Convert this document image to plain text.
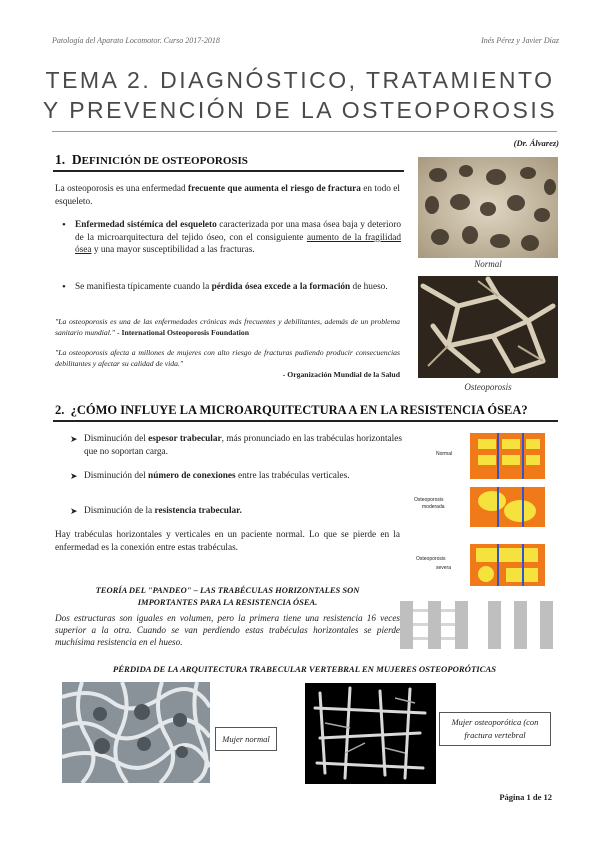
Patología del Aparato Locomotor. Curso 2017-2018	Inés Pérez y Javier Díaz
TEMA 2. DIAGNÓSTICO, TRATAMIENTO
Y PREVENCIÓN DE LA OSTEOPOROSIS
(Dr. Álvarez)
1. DEFINICIÓN DE OSTEOPOROSIS
La osteoporosis es una enfermedad frecuente que aumenta el riesgo de fractura en todo el esqueleto.
• Enfermedad sistémica del esqueleto caracterizada por una masa ósea baja y deterioro de la microarquitectura del tejido óseo, con el consiguiente aumento de la fragilidad ósea y una mayor susceptibilidad a las fracturas.
• Se manifiesta típicamente cuando la pérdida ósea excede a la formación de hueso.
"La osteoporosis es una de las enfermedades crónicas más frecuentes y debilitantes, además de un problema sanitario mundial." - International Osteoporosis Foundation
"La osteoporosis afecta a millones de mujeres con alto riesgo de fracturas pudiendo producir consecuencias debilitantes y afectar su calidad de vida."
- Organización Mundial de la Salud
Normal
Osteoporosis
2. ¿CÓMO INFLUYE LA MICROARQUITECTURA A EN LA RESISTENCIA ÓSEA?
➤ Disminución del espesor trabecular, más pronunciado en las trabéculas horizontales que no soportan carga.
➤ Disminución del número de conexiones entre las trabéculas verticales.
➤ Disminución de la resistencia trabecular.
Hay trabéculas horizontales y verticales en un paciente normal. Lo que se pierde en la enfermedad es la conexión entre estas trabéculas.
Normal
Osteoporosis
moderada
Osteoporosis
severa
TEORÍA DEL "PANDEO" – LAS TRABÉCULAS HORIZONTALES SON
IMPORTANTES PARA LA RESISTENCIA ÓSEA.
Dos estructuras son iguales en volumen, pero la primera tiene una resistencia 16 veces superior a la otra. Cuando se van perdiendo estas trabéculas horizontales se pierde muchísima resistencia en el hueso.
PÉRDIDA DE LA ARQUITECTURA TRABECULAR VERTEBRAL EN MUJERES OSTEOPORÓTICAS
Mujer normal
Mujer osteoporótica (con fractura vertebral
Página 1 de 12
